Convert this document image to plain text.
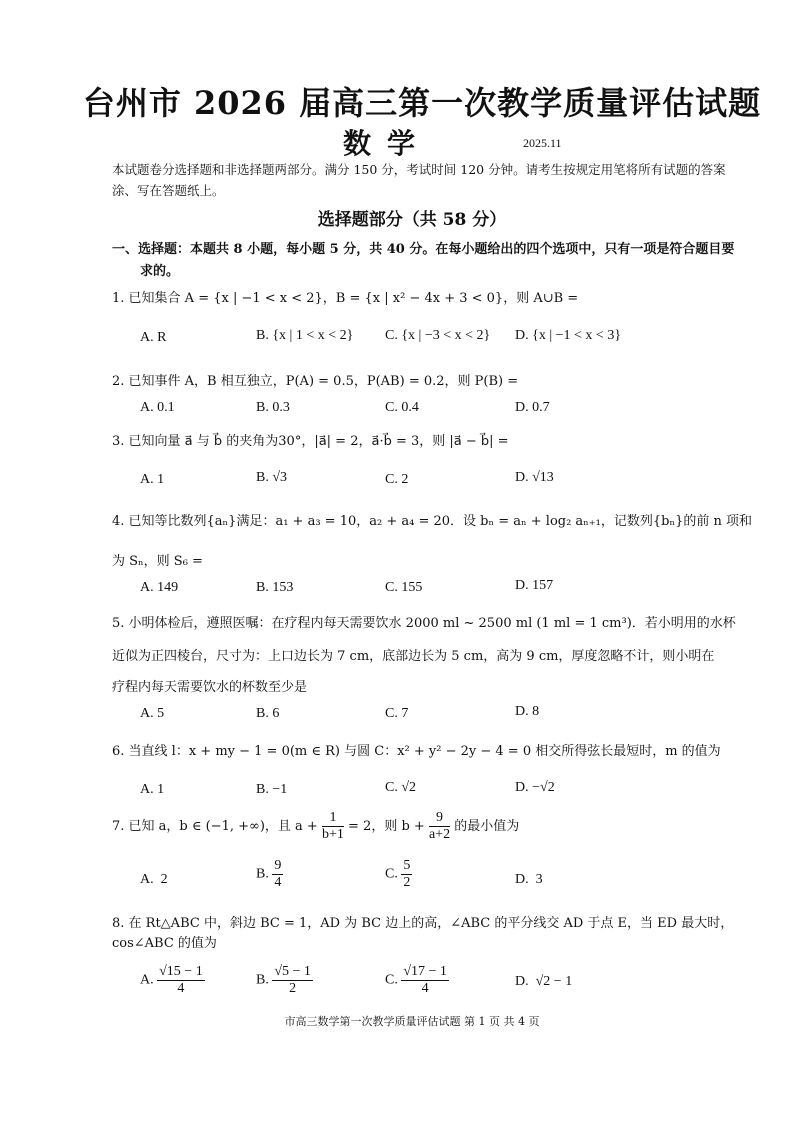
台州市 2026 届高三第一次教学质量评估试题
数学	2025.11
本试题卷分选择题和非选择题两部分。满分 150 分，考试时间 120 分钟。请考生按规定用笔将所有试题的答案涂、写在答题纸上。
选择题部分（共 58 分）
一、选择题：本题共 8 小题，每小题 5 分，共 40 分。在每小题给出的四个选项中，只有一项是符合题目要
求的。
1. 已知集合 A = {x | −1 < x < 2}，B = {x | x² − 4x + 3 < 0}，则 A∪B =
A. R	B. {x | 1 < x < 2} C. {x | −3 < x < 2} D. {x | −1 < x < 3}
2. 已知事件 A，B 相互独立，P(A) = 0.5，P(AB) = 0.2，则 P(B) =
A. 0.1	B. 0.3	C. 0.4	D. 0.7
3. 已知向量 a⃗ 与 b⃗ 的夹角为30°，|a⃗| = 2，a⃗·b⃗ = 3，则 |a⃗ − b⃗| =
A. 1	B. √3	C. 2	D. √13
4. 已知等比数列{aₙ}满足：a₁ + a₃ = 10，a₂ + a₄ = 20．设 bₙ = aₙ + log₂ aₙ₊₁，记数列{bₙ}的前 n 项和
为 Sₙ，则 S₆ =
A. 149	B. 153	C. 155	D. 157
5. 小明体检后，遵照医嘱：在疗程内每天需要饮水 2000 ml ~ 2500 ml (1 ml = 1 cm³)．若小明用的水杯
近似为正四棱台，尺寸为：上口边长为 7 cm，底部边长为 5 cm，高为 9 cm，厚度忽略不计，则小明在
疗程内每天需要饮水的杯数至少是
A. 5	B. 6	C. 7	D. 8
6. 当直线 l：x + my − 1 = 0(m ∈ R) 与圆 C：x² + y² − 2y − 4 = 0 相交所得弦长最短时，m 的值为
A. 1	B. −1	C. √2	D. −√2
7. 已知 a，b ∈ (−1, +∞)，且 $a + \frac{1}{b+1} = 2$，则 $b + \frac{9}{a+2}$ 的最小值为
A. 2	B. $\frac{9}{4}$	C. $\frac{5}{2}$	D. 3
8. 在 Rt△ABC 中，斜边 BC = 1，AD 为 BC 边上的高，∠ABC 的平分线交 AD 于点 E，当 ED 最大时，
cos∠ABC 的值为
A. $\frac{√15 - 1}{4}$	B. $\frac{√5 - 1}{2}$	C. $\frac{√17 - 1}{4}$	D. √2 − 1
市高三数学第一次教学质量评估试题 第 1 页 共 4 页
